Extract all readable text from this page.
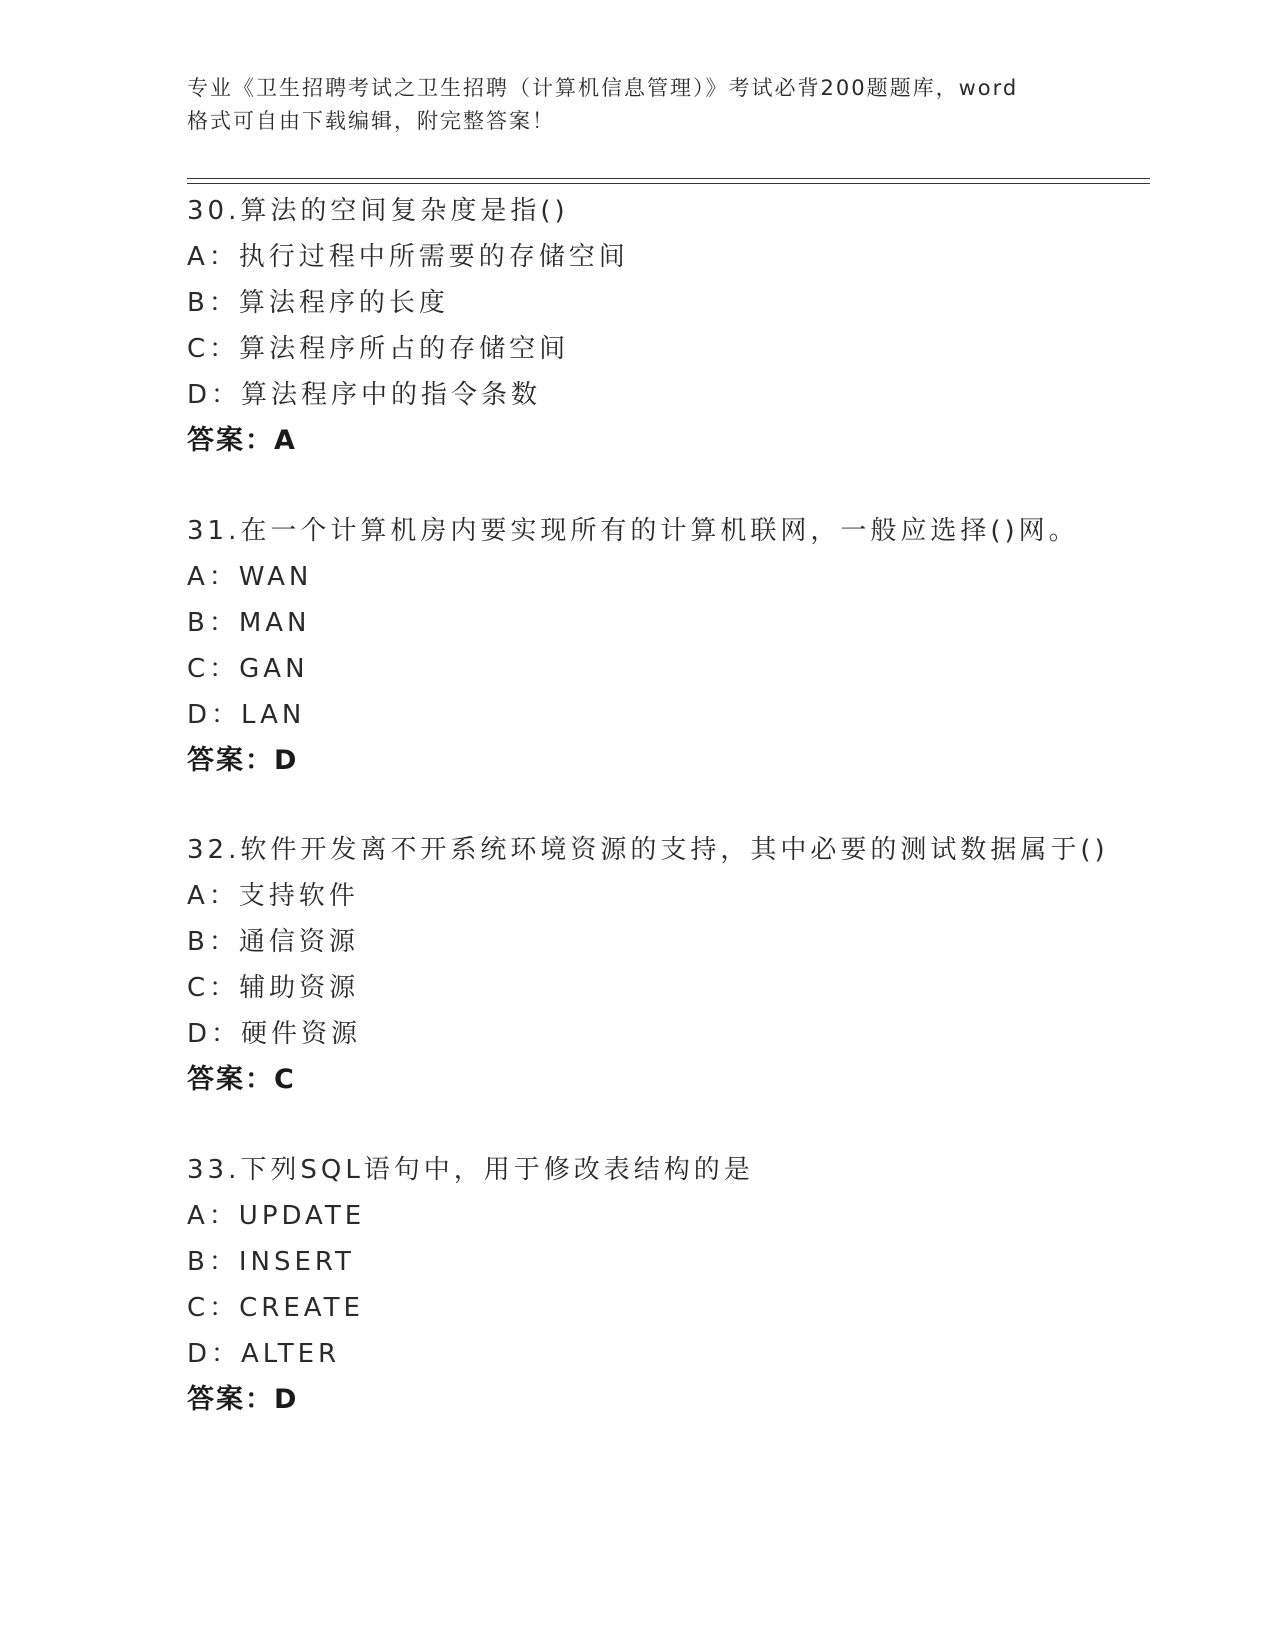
专业《卫生招聘考试之卫生招聘（计算机信息管理）》考试必背200题题库，word
格式可自由下载编辑，附完整答案！
30.算法的空间复杂度是指()
A：执行过程中所需要的存储空间
B：算法程序的长度
C：算法程序所占的存储空间
D：算法程序中的指令条数
答案：A
31.在一个计算机房内要实现所有的计算机联网，一般应选择()网。
A：WAN
B：MAN
C：GAN
D：LAN
答案：D
32.软件开发离不开系统环境资源的支持，其中必要的测试数据属于()
A：支持软件
B：通信资源
C：辅助资源
D：硬件资源
答案：C
33.下列SQL语句中，用于修改表结构的是
A：UPDATE
B：INSERT
C：CREATE
D：ALTER
答案：D
